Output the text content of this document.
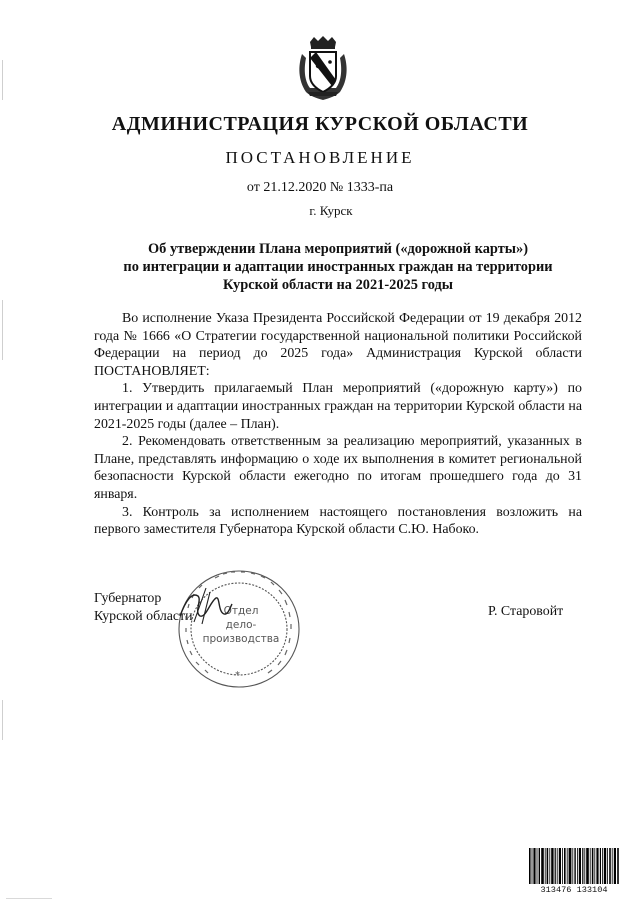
АДМИНИСТРАЦИЯ КУРСКОЙ ОБЛАСТИ
ПОСТАНОВЛЕНИЕ
от 21.12.2020 № 1333-па
г. Курск
Об утверждении Плана мероприятий («дорожной карты»)
по интеграции и адаптации иностранных граждан на территории
Курской области на 2021-2025 годы

Во исполнение Указа Президента Российской Федерации от 19 декабря 2012 года № 1666 «О Стратегии государственной национальной политики Российской Федерации на период до 2025 года» Администрация Курской области ПОСТАНОВЛЯЕТ:

1. Утвердить прилагаемый План мероприятий («дорожную карту») по интеграции и адаптации иностранных граждан на территории Курской области на 2021-2025 годы (далее – План).

2. Рекомендовать ответственным за реализацию мероприятий, указанных в Плане, представлять информацию о ходе их выполнения в комитет региональной безопасности Курской области ежегодно по итогам прошедшего года до 31 января.

3. Контроль за исполнением настоящего постановления возложить на первого заместителя Губернатора Курской области С.Ю. Набоко.

Губернатор
Курской области	Р. Старовойт
*
Отдел
дело-
производства
313476 133104
